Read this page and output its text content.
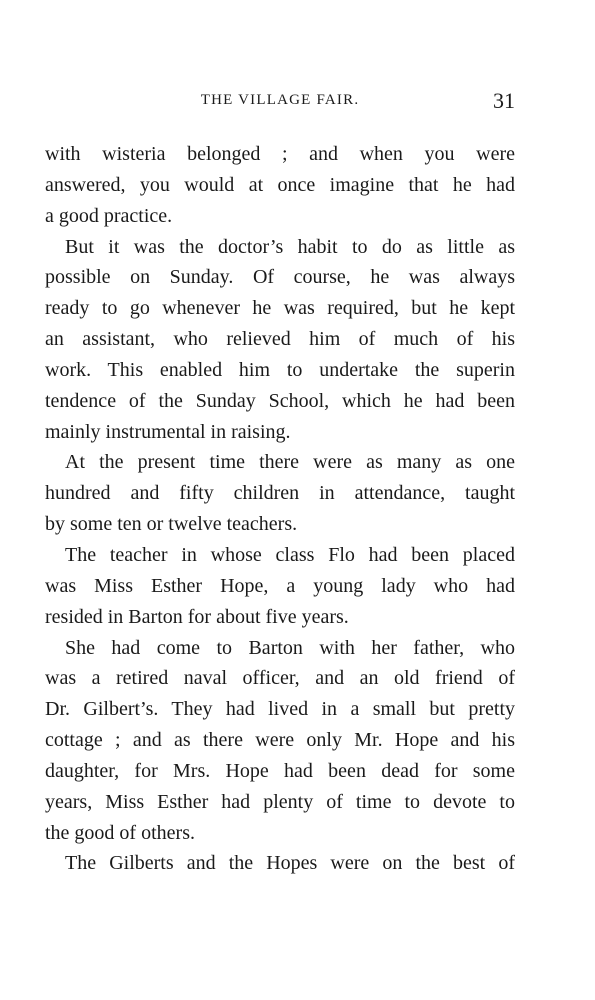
THE VILLAGE FAIR.	31
with wisteria belonged ; and when you were
answered, you would at once imagine that he had
a good practice.
But it was the doctor’s habit to do as little as
possible on Sunday. Of course, he was always
ready to go whenever he was required, but he kept
an assistant, who relieved him of much of his
work. This enabled him to undertake the superin
tendence of the Sunday School, which he had been
mainly instrumental in raising.
At the present time there were as many as one
hundred and fifty children in attendance, taught
by some ten or twelve teachers.
The teacher in whose class Flo had been placed
was Miss Esther Hope, a young lady who had
resided in Barton for about five years.
She had come to Barton with her father, who
was a retired naval officer, and an old friend of
Dr. Gilbert’s. They had lived in a small but pretty
cottage ; and as there were only Mr. Hope and his
daughter, for Mrs. Hope had been dead for some
years, Miss Esther had plenty of time to devote to
the good of others.
The Gilberts and the Hopes were on the best of
